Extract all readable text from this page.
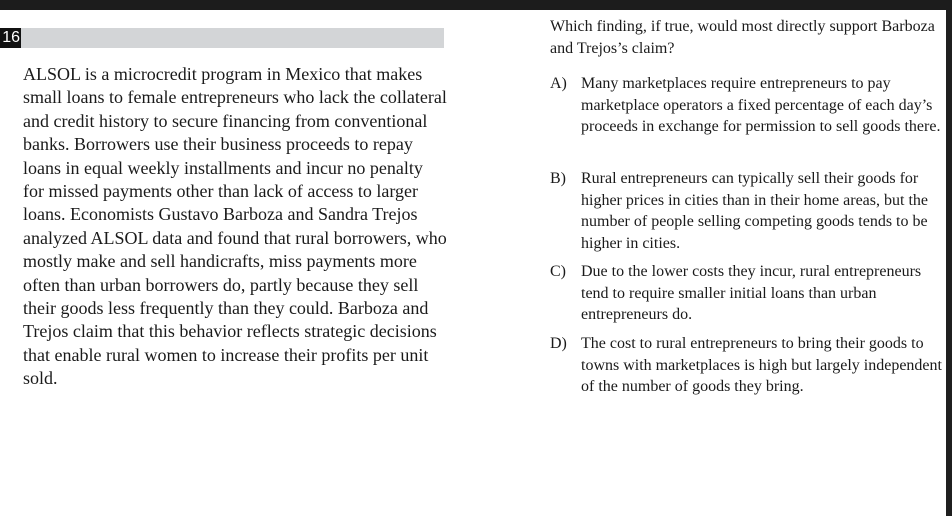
16

ALSOL is a microcredit program in Mexico that makes small loans to female entrepreneurs who lack the collateral and credit history to secure financing from conventional banks. Borrowers use their business proceeds to repay loans in equal weekly installments and incur no penalty for missed payments other than lack of access to larger loans. Economists Gustavo Barboza and Sandra Trejos analyzed ALSOL data and found that rural borrowers, who mostly make and sell handicrafts, miss payments more often than urban borrowers do, partly because they sell their goods less frequently than they could. Barboza and Trejos claim that this behavior reflects strategic decisions that enable rural women to increase their profits per unit sold.

Which finding, if true, would most directly support Barboza and Trejos’s claim?

A) Many marketplaces require entrepreneurs to pay marketplace operators a fixed percentage of each day’s proceeds in exchange for permission to sell goods there.
B) Rural entrepreneurs can typically sell their goods for higher prices in cities than in their home areas, but the number of people selling competing goods tends to be higher in cities.
C) Due to the lower costs they incur, rural entrepreneurs tend to require smaller initial loans than urban entrepreneurs do.
D) The cost to rural entrepreneurs to bring their goods to towns with marketplaces is high but largely independent of the number of goods they bring.
